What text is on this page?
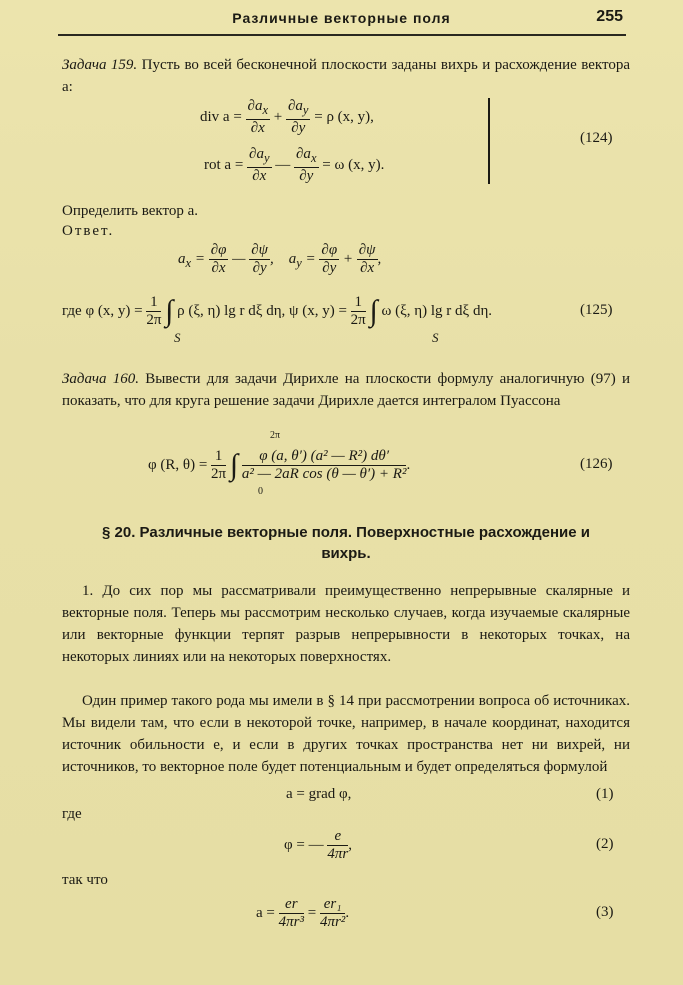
Различные векторные поля	255
Задача 159. Пусть во всей бесконечной плоскости заданы вихрь и расхождение вектора a:
div $a = \frac{\partial a_x}{\partial x} + \frac{\partial a_y}{\partial y} = \rho$ (x, y),
rot $a = \frac{\partial a_y}{\partial x}$ — $\frac{\partial a_x}{\partial y} = \omega$ (x, y).
(124)
Определить вектор a.
Ответ.
$a_x = \frac{\partial\varphi}{\partial x}$ — $\frac{\partial\psi}{\partial y}$ ,    $a_y = \frac{\partial\varphi}{\partial y} + \frac{\partial\psi}{\partial x}$ ,
где φ (x, $y) = \frac{1}{2\pi}$ ∫ ρ (ξ, η) lg r dξ dη, ψ (x, $y) = \frac{1}{2\pi}$ ∫ ω (ξ, η) lg r dξ dη.
S	S
(125)
Задача 160. Вывести для задачи Дирихле на плоскости формулу аналогичную (97) и показать, что для круга решение задачи Дирихле дается интегралом Пуассона
2π
φ (R, $\theta) = \frac{1}{2\pi}$ ∫ $\frac{\text{φ (a, θ′) (a² — R²) dθ′}}{\text{a² — 2aR cos (θ — θ′) + R²}}$ .
0
(126)
§ 20. Различные векторные поля. Поверхностные расхождение и вихрь.
1. До сих пор мы рассматривали преимущественно непрерывные скалярные и векторные поля. Теперь мы рассмотрим несколько случаев, когда изучаемые скалярные или векторные функции терпят разрыв непрерывности в некоторых точках, на некоторых линиях или на некоторых поверхностях.
Один пример такого рода мы имели в § 14 при рассмотрении вопроса об источниках. Мы видели там, что если в некоторой точке, например, в начале координат, находится источник обильности e, и если в других точках пространства нет ни вихрей, ни источников, то векторное поле будет потенциальным и будет определяться формулой
a = grad φ,	(1)
где
φ = — $\frac{e}{4\pi r}$ ,	(2)
так что
$a = \frac{er}{\text{4πr³}} = \frac{\text{er₁}}{\text{4πr²}}$ .	(3)
